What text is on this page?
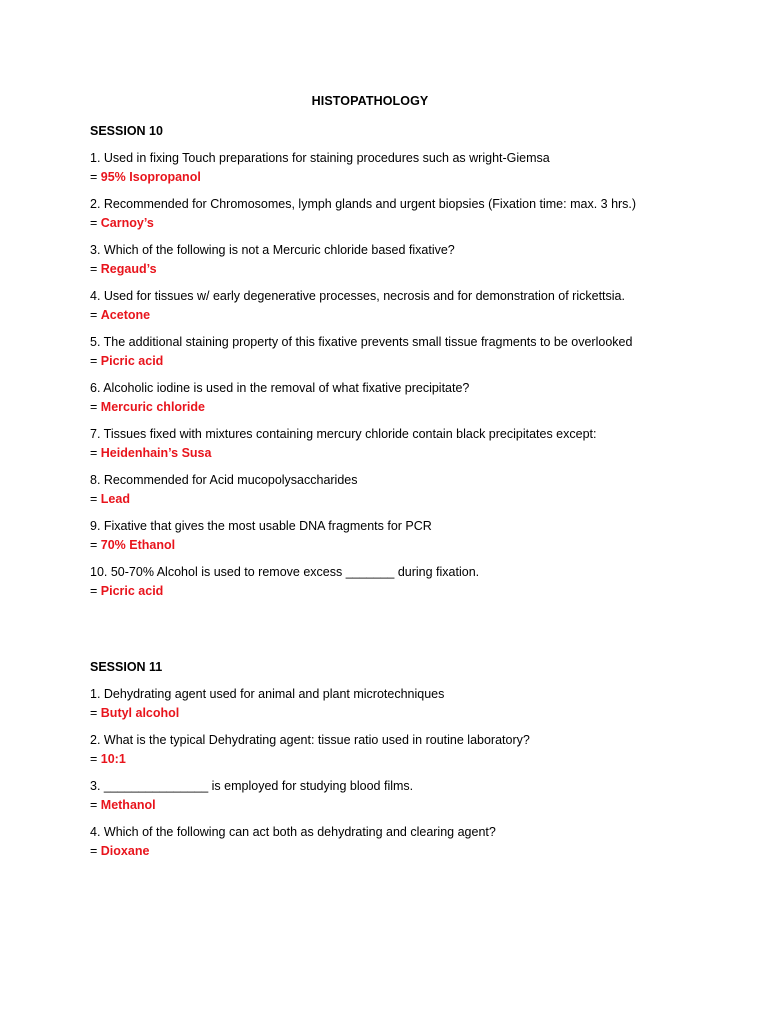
HISTOPATHOLOGY
SESSION 10
1. Used in fixing Touch preparations for staining procedures such as wright-Giemsa
= 95% Isopropanol
2. Recommended for Chromosomes, lymph glands and urgent biopsies (Fixation time: max. 3 hrs.)
= Carnoy’s
3. Which of the following is not a Mercuric chloride based fixative?
= Regaud’s
4. Used for tissues w/ early degenerative processes, necrosis and for demonstration of rickettsia.
= Acetone
5. The additional staining property of this fixative prevents small tissue fragments to be overlooked
= Picric acid
6. Alcoholic iodine is used in the removal of what fixative precipitate?
= Mercuric chloride
7. Tissues fixed with mixtures containing mercury chloride contain black precipitates except:
= Heidenhain’s Susa
8. Recommended for Acid mucopolysaccharides
= Lead
9. Fixative that gives the most usable DNA fragments for PCR
= 70% Ethanol
10. 50-70% Alcohol is used to remove excess _______ during fixation.
= Picric acid
SESSION 11
1. Dehydrating agent used for animal and plant microtechniques
= Butyl alcohol
2. What is the typical Dehydrating agent: tissue ratio used in routine laboratory?
= 10:1
3. _______________ is employed for studying blood films.
= Methanol
4. Which of the following can act both as dehydrating and clearing agent?
= Dioxane
